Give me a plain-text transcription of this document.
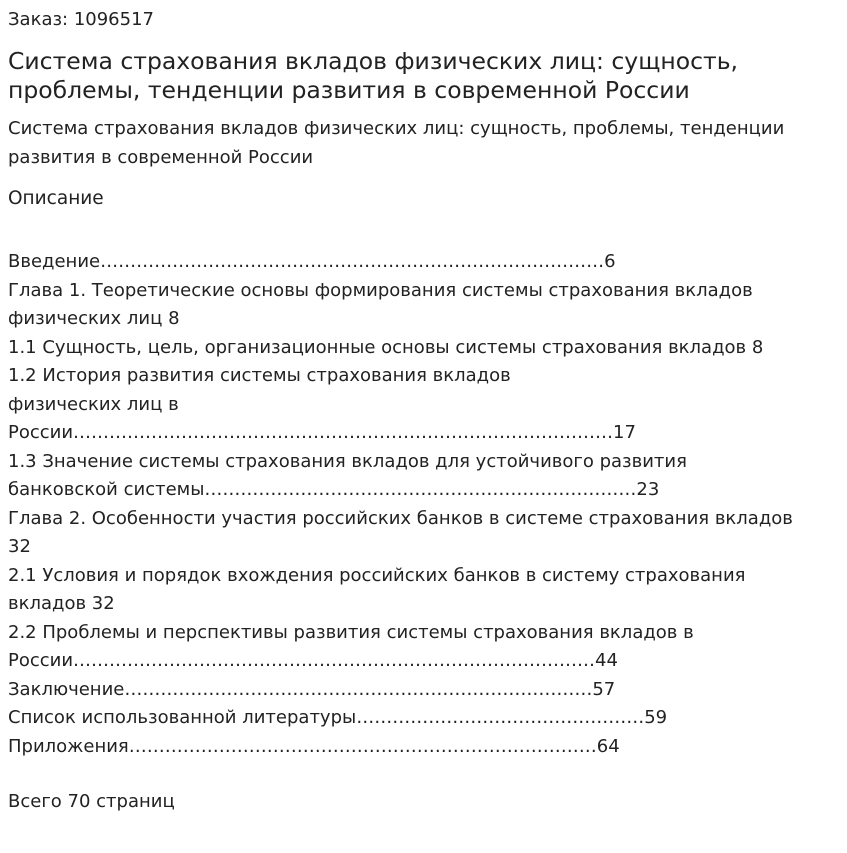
Заказ: 1096517
Система страхования вкладов физических лиц: сущность,
проблемы, тенденции развития в современной России
Система страхования вкладов физических лиц: сущность, проблемы, тенденции
развития в современной России
Описание
Введение…………………………………………………………………………6
Глава 1. Теоретические основы формирования системы страхования вкладов
физических лиц 8
1.1 Сущность, цель, организационные основы системы страхования вкладов 8
1.2 История развития системы страхования вкладов
физических лиц в
России………………………………………………………………………………17
1.3 Значение системы страхования вкладов для устойчивого развития
банковской системы………………………………………………………………23
Глава 2. Особенности участия российских банков в системе страхования вкладов
32
2.1 Условия и порядок вхождения российских банков в систему страхования
вкладов 32
2.2 Проблемы и перспективы развития системы страхования вкладов в
России……………………………………………………………………………44
Заключение……………………………………………………………………57
Список использованной литературы…………………………………………59
Приложения……………………………………………………………………64
Всего 70 страниц
